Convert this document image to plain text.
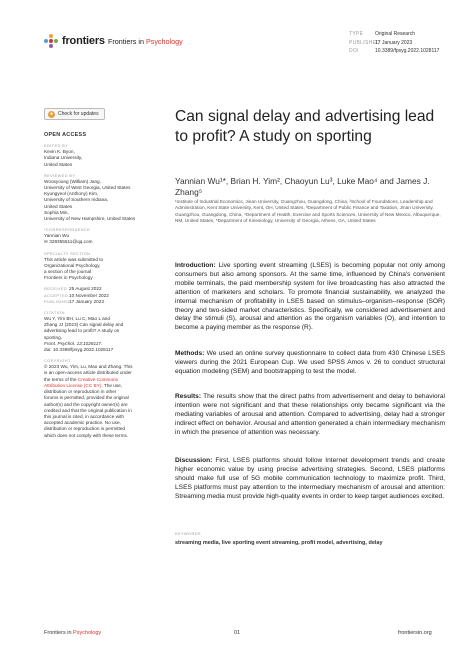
frontiers Frontiers in Psychology
TYPE Original Research
PUBLISHED17 January 2023
DOI	10.3389/fpsyg.2022.1028117
● Check for updates
OPEN ACCESS
EDITED BY
Kevin K. Byon,
Indiana University,
United States
REVIEWED BY
Woosyoung (William) Jang,
University of West Georgia, United States
Kyungyeol (Anthony) Kim,
University of Southern Indiana,
United States
Sophia Min,
University of New Hampshire, United States
*CORRESPONDENCE
Yannian Wu
✉ 329355511@qq.com
SPECIALTY SECTION
This article was submitted to
Organizational Psychology,
a section of the journal
Frontiers in Psychology
RECEIVED 25 August 2022
ACCEPTED10 November 2022
PUBLISHED17 January 2023
CITATION
Wu Y, Yim BH, Lu C, Mao L and
Zhang JJ (2023) Can signal delay and
advertising lead to profit? A study on
sporting.
Front. Psychol. 13:1028117.
doi: 10.3389/fpsyg.2022.1028117
COPYRIGHT
© 2023 Wu, Yim, Lu, Mao and Zhang. This
is an open-access article distributed under
the terms of the Creative Commons
Attribution License (CC BY). The use,
distribution or reproduction in other
forums is permitted, provided the original
author(s) and the copyright owner(s) are
credited and that the original publication in
this journal is cited, in accordance with
accepted academic practice. No use,
distribution or reproduction is permitted
which does not comply with these terms.
Can signal delay and advertising lead to profit? A study on sporting
Yannian Wu¹*, Brian H. Yim², Chaoyun Lu³, Luke Mao⁴ and James J. Zhang⁵
¹Institute of Industrial Economics, Jinan University, Guangzhou, Guangdong, China, ²School of Foundations, Leadership and Administration, Kent State University, Kent, OH, United States, ³Department of Public Finance and Taxation, Jinan University, Guangzhou, Guangdong, China, ⁴Department of Health, Exercise and Sports Sciences, University of New Mexico, Albuquerque, NM, United States, ⁵Department of Kinesiology, University of Georgia, Athens, GA, United States
Introduction: Live sporting event streaming (LSES) is becoming popular not only among consumers but also among sponsors. At the same time, influenced by China's convenient mobile terminals, the paid membership system for live broadcasting has also attracted the attention of marketers and scholars. To promote financial sustainability, we analyzed the internal mechanism of profitability in LSES based on stimulus–organism–response (SOR) theory and two-sided market characteristics. Specifically, we considered advertisement and delay the stimuli (S), arousal and attention as the organism variables (O), and intention to become a paying member as the response (R).
Methods: We used an online survey questionnaire to collect data from 430 Chinese LSES viewers during the 2021 European Cup. We used SPSS Amos v. 26 to conduct structural equation modeling (SEM) and bootstrapping to test the model.
Results: The results show that the direct paths from advertisement and delay to behavioral intention were not significant and that these relationships only became significant via the mediating variables of arousal and attention. Compared to advertising, delay had a stronger indirect effect on behavior. Arousal and attention generated a chain intermediary mechanism in which the presence of attention was necessary.
Discussion: First, LSES platforms should follow Internet development trends and create higher economic value by using precise advertising strategies. Second, LSES platforms should make full use of 5G mobile communication technology to maximize profit. Third, LSES platforms must pay attention to the intermediary mechanism of arousal and attention: Streaming media must provide high-quality events in order to keep target audiences excited.
KEYWORDS
streaming media, live sporting event streaming, profit model, advertising, delay
Frontiers in Psychology	01	frontiersin.org
